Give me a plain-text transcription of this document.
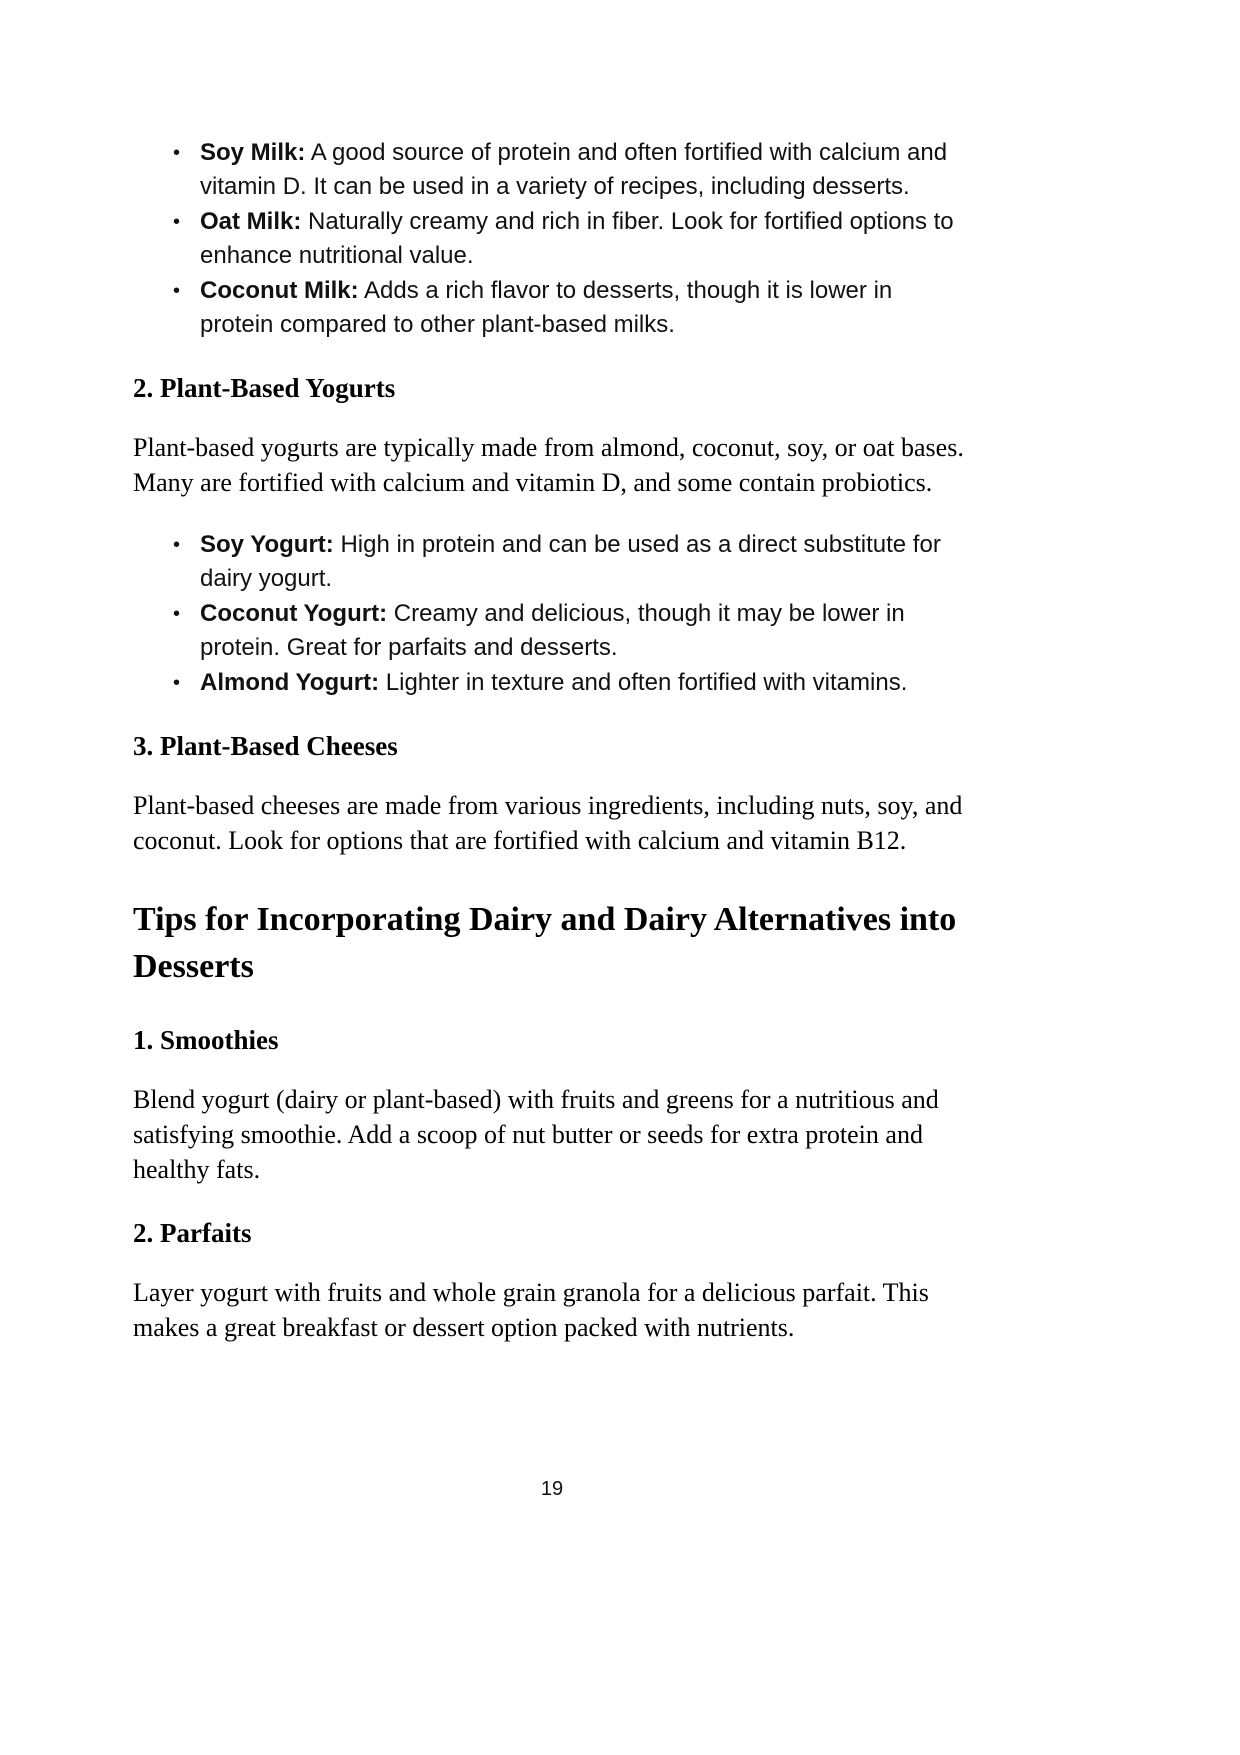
• Soy Milk: A good source of protein and often fortified with calcium and vitamin D. It can be used in a variety of recipes, including desserts.
• Oat Milk: Naturally creamy and rich in fiber. Look for fortified options to enhance nutritional value.
• Coconut Milk: Adds a rich flavor to desserts, though it is lower in protein compared to other plant-based milks.
2. Plant-Based Yogurts

Plant-based yogurts are typically made from almond, coconut, soy, or oat bases. Many are fortified with calcium and vitamin D, and some contain probiotics.

• Soy Yogurt: High in protein and can be used as a direct substitute for dairy yogurt.
• Coconut Yogurt: Creamy and delicious, though it may be lower in protein. Great for parfaits and desserts.
• Almond Yogurt: Lighter in texture and often fortified with vitamins.
3. Plant-Based Cheeses

Plant-based cheeses are made from various ingredients, including nuts, soy, and coconut. Look for options that are fortified with calcium and vitamin B12.

Tips for Incorporating Dairy and Dairy Alternatives into Desserts
1. Smoothies

Blend yogurt (dairy or plant-based) with fruits and greens for a nutritious and satisfying smoothie. Add a scoop of nut butter or seeds for extra protein and healthy fats.

2. Parfaits

Layer yogurt with fruits and whole grain granola for a delicious parfait. This makes a great breakfast or dessert option packed with nutrients.

19
